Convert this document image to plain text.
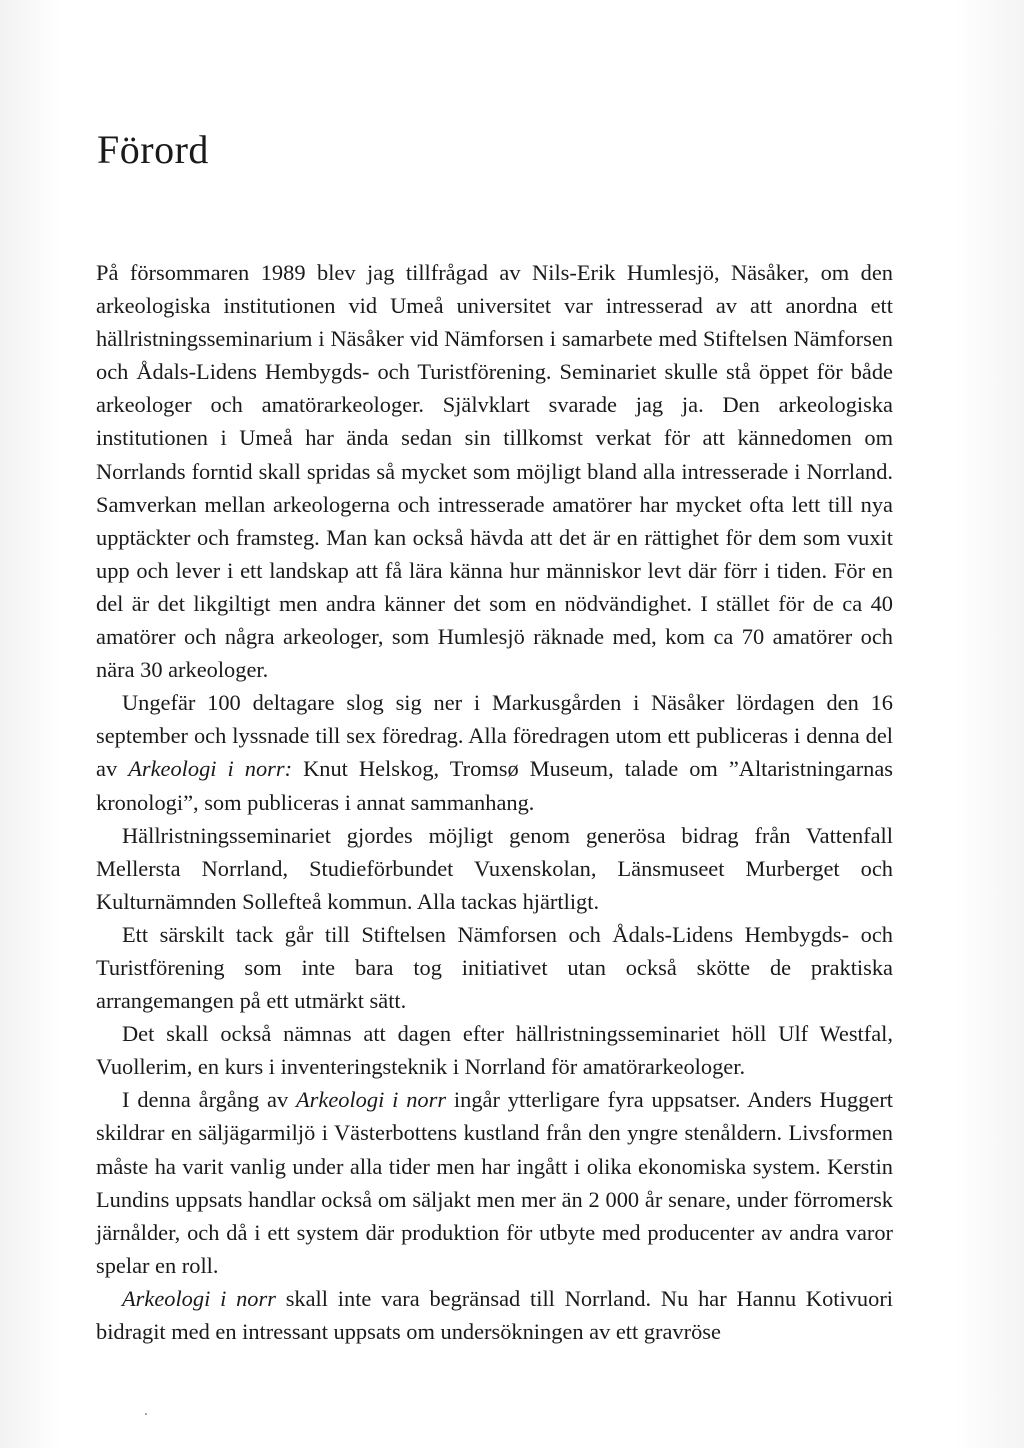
Förord

På försommaren 1989 blev jag tillfrågad av Nils-Erik Humlesjö, Näsåker, om den arkeologiska institutionen vid Umeå universitet var intresserad av att anordna ett hällristningsseminarium i Näsåker vid Nämforsen i samarbete med Stiftelsen Nämforsen och Ådals-Lidens Hembygds- och Turistförening. Seminariet skulle stå öppet för både arkeologer och amatörarkeologer. Självklart svarade jag ja. Den arkeologiska institutionen i Umeå har ända sedan sin tillkomst verkat för att kännedomen om Norrlands forntid skall spridas så mycket som möjligt bland alla intresserade i Norrland. Samverkan mellan arkeologerna och intresserade amatörer har mycket ofta lett till nya upptäckter och framsteg. Man kan också hävda att det är en rättighet för dem som vuxit upp och lever i ett landskap att få lära känna hur människor levt där förr i tiden. För en del är det likgiltigt men andra känner det som en nödvändighet. I stället för de ca 40 amatörer och några arkeologer, som Humlesjö räknade med, kom ca 70 amatörer och nära 30 arkeologer.

Ungefär 100 deltagare slog sig ner i Markusgården i Näsåker lördagen den 16 september och lyssnade till sex föredrag. Alla föredragen utom ett publiceras i denna del av Arkeologi i norr: Knut Helskog, Tromsø Museum, talade om ”Altaristningarnas kronologi”, som publiceras i annat sammanhang.

Hällristningsseminariet gjordes möjligt genom generösa bidrag från Vattenfall Mellersta Norrland, Studieförbundet Vuxenskolan, Länsmuseet Murberget och Kulturnämnden Sollefteå kommun. Alla tackas hjärtligt.

Ett särskilt tack går till Stiftelsen Nämforsen och Ådals-Lidens Hembygds- och Turistförening som inte bara tog initiativet utan också skötte de praktiska arrangemangen på ett utmärkt sätt.

Det skall också nämnas att dagen efter hällristningsseminariet höll Ulf Westfal, Vuollerim, en kurs i inventeringsteknik i Norrland för amatörarkeologer.

I denna årgång av Arkeologi i norr ingår ytterligare fyra uppsatser. Anders Huggert skildrar en säljägarmiljö i Västerbottens kustland från den yngre stenåldern. Livsformen måste ha varit vanlig under alla tider men har ingått i olika ekonomiska system. Kerstin Lundins uppsats handlar också om säljakt men mer än 2 000 år senare, under förromersk järnålder, och då i ett system där produktion för utbyte med producenter av andra varor spelar en roll.

Arkeologi i norr skall inte vara begränsad till Norrland. Nu har Hannu Kotivuori bidragit med en intressant uppsats om undersökningen av ett gravröse
